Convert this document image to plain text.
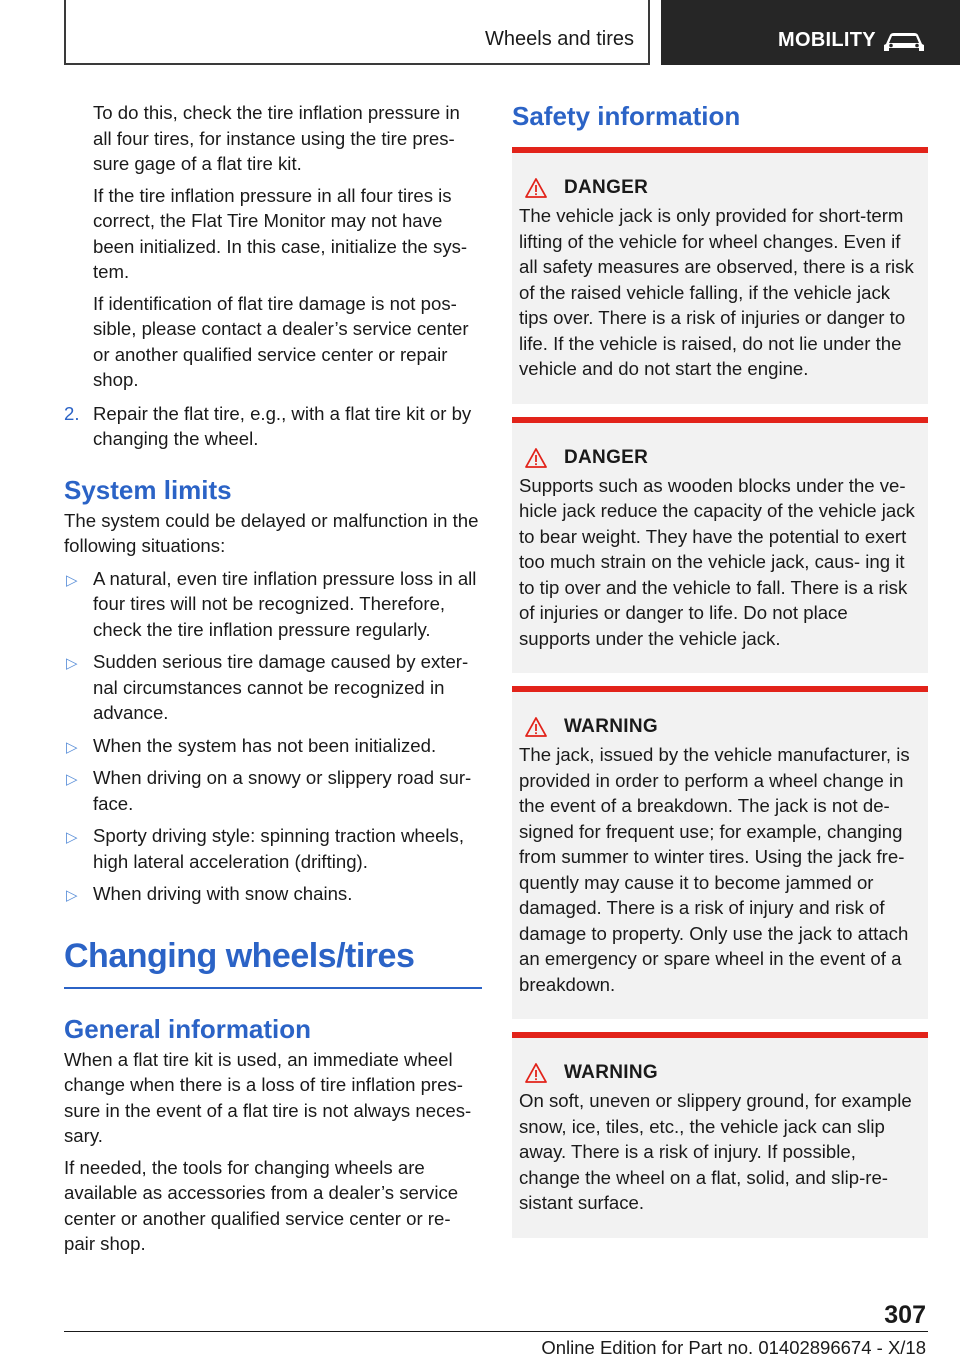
Wheels and tires	MOBILITY

To do this, check the tire inflation pressure in all four tires, for instance using the tire pres‐ sure gage of a flat tire kit.

If the tire inflation pressure in all four tires is correct, the Flat Tire Monitor may not have been initialized. In this case, initialize the sys‐ tem.

If identification of flat tire damage is not pos‐ sible, please contact a dealer’s service center or another qualified service center or repair shop.

2. Repair the flat tire, e.g., with a flat tire kit or by changing the wheel.

System limits

The system could be delayed or malfunction in the following situations:

▷ A natural, even tire inflation pressure loss in all four tires will not be recognized. Therefore, check the tire inflation pressure regularly.

▷ Sudden serious tire damage caused by exter‐ nal circumstances cannot be recognized in advance.

▷ When the system has not been initialized.

▷ When driving on a snowy or slippery road sur‐ face.

▷ Sporty driving style: spinning traction wheels, high lateral acceleration (drifting).

▷ When driving with snow chains.

Changing wheels/tires
General information

When a flat tire kit is used, an immediate wheel change when there is a loss of tire inflation pres‐ sure in the event of a flat tire is not always neces‐ sary.

If needed, the tools for changing wheels are available as accessories from a dealer’s service center or another qualified service center or re‐ pair shop.

Safety information
DANGER

The vehicle jack is only provided for short-term lifting of the vehicle for wheel changes. Even if all safety measures are observed, there is a risk of the raised vehicle falling, if the vehicle jack tips over. There is a risk of injuries or danger to life. If the vehicle is raised, do not lie under the vehicle and do not start the engine.

DANGER

Supports such as wooden blocks under the ve‐ hicle jack reduce the capacity of the vehicle jack to bear weight. They have the potential to exert too much strain on the vehicle jack, caus‐ ing it to tip over and the vehicle to fall. There is a risk of injuries or danger to life. Do not place supports under the vehicle jack.

WARNING

The jack, issued by the vehicle manufacturer, is provided in order to perform a wheel change in the event of a breakdown. The jack is not de‐ signed for frequent use; for example, changing from summer to winter tires. Using the jack fre‐ quently may cause it to become jammed or damaged. There is a risk of injury and risk of damage to property. Only use the jack to attach an emergency or spare wheel in the event of a breakdown.

WARNING

On soft, uneven or slippery ground, for example snow, ice, tiles, etc., the vehicle jack can slip away. There is a risk of injury. If possible, change the wheel on a flat, solid, and slip-re‐ sistant surface.

307
Online Edition for Part no. 01402896674 - X/18
